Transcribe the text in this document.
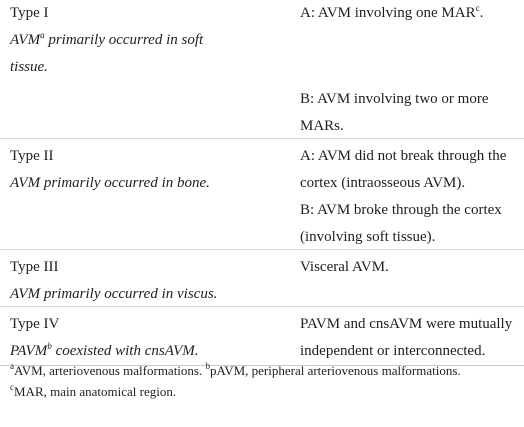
Type I
AVM$^a$ primarily occurred in soft
tissue.
A: AVM involving one MAR$^c$.
B: AVM involving two or more
MARs.
Type II
AVM primarily occurred in bone.
A: AVM did not break through the
cortex (intraosseous AVM).
B: AVM broke through the cortex
(involving soft tissue).
Type III
AVM primarily occurred in viscus.
Visceral AVM.
Type IV
PAVM$^b$ coexisted with cnsAVM.
PAVM and cnsAVM were mutually
independent or interconnected.
$^a$AVM, arteriovenous malformations. $^b$pAVM, peripheral arteriovenous malformations.
$^c$MAR, main anatomical region.
